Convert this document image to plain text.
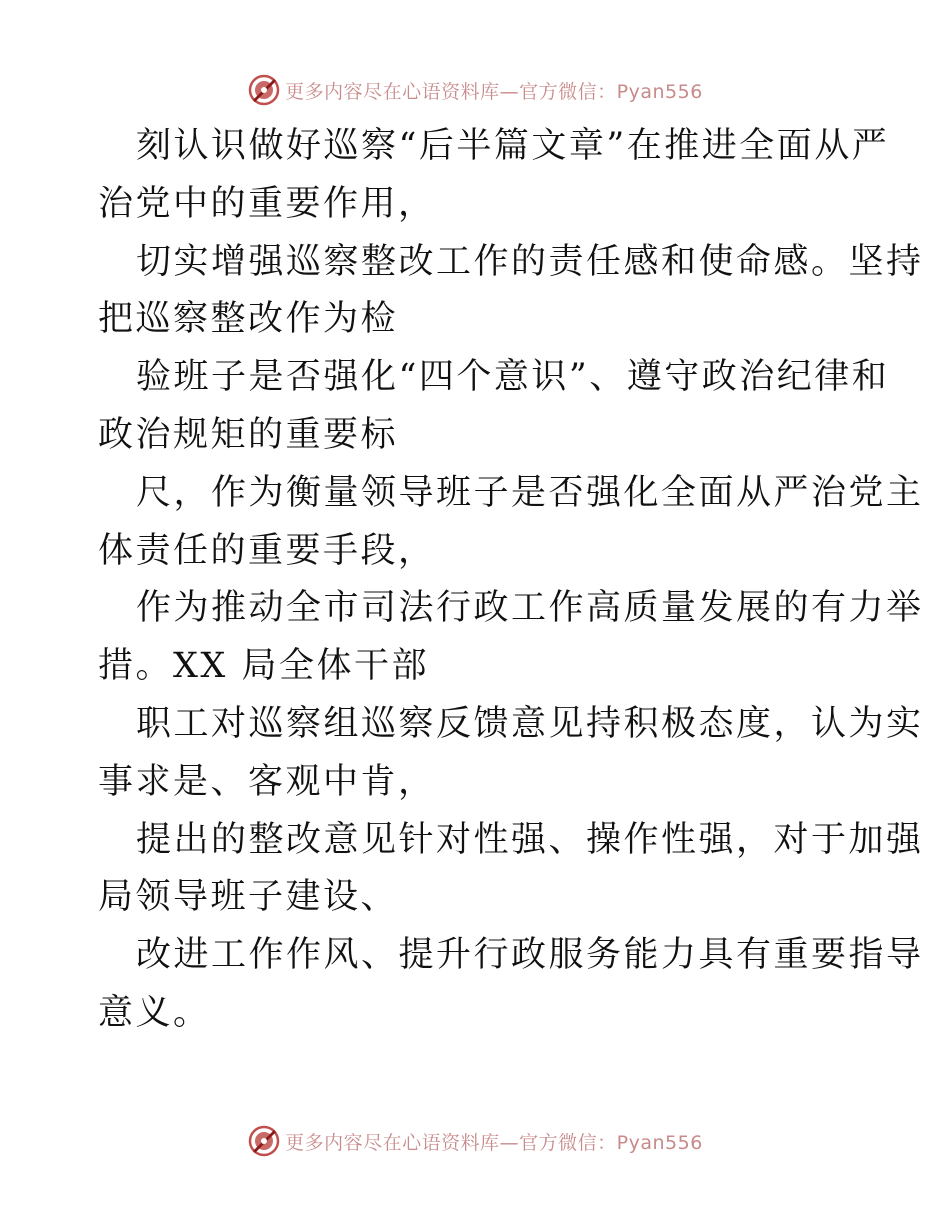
更多内容尽在心语资料库—官方微信：Pyan556
刻认识做好巡察“后半篇文章”在推进全面从严
治党中的重要作用，
切实增强巡察整改工作的责任感和使命感。坚持
把巡察整改作为检
验班子是否强化“四个意识”、遵守政治纪律和
政治规矩的重要标
尺，作为衡量领导班子是否强化全面从严治党主
体责任的重要手段，
作为推动全市司法行政工作高质量发展的有力举
措。XX 局全体干部
职工对巡察组巡察反馈意见持积极态度，认为实
事求是、客观中肯，
提出的整改意见针对性强、操作性强，对于加强
局领导班子建设、
改进工作作风、提升行政服务能力具有重要指导
意义。
更多内容尽在心语资料库—官方微信：Pyan556
